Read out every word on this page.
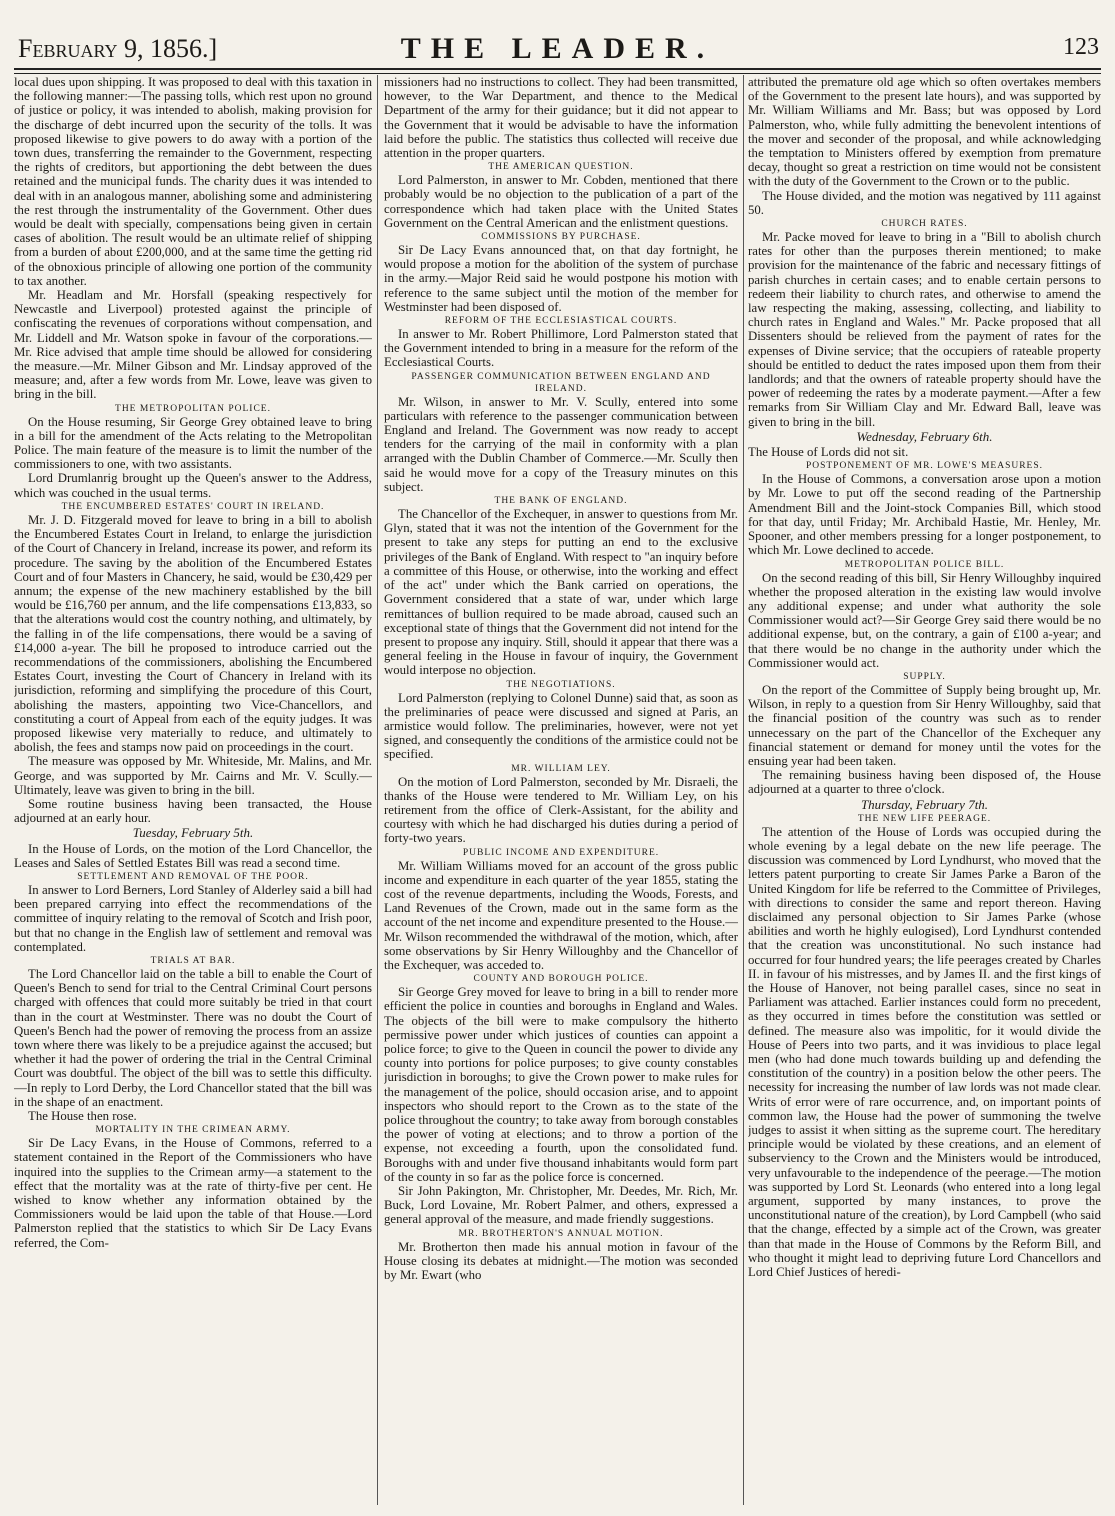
February 9, 1856.]	THE LEADER.	123

local dues upon shipping. It was proposed to deal with this taxation in the following manner:—The passing tolls, which rest upon no ground of justice or policy, it was intended to abolish, making provision for the discharge of debt incurred upon the security of the tolls. It was proposed likewise to give powers to do away with a portion of the town dues, transferring the remainder to the Government, respecting the rights of creditors, but apportioning the debt between the dues retained and the municipal funds. The charity dues it was intended to deal with in an analogous manner, abolishing some and administering the rest through the instrumentality of the Government. Other dues would be dealt with specially, compensations being given in certain cases of abolition. The result would be an ultimate relief of shipping from a burden of about £200,000, and at the same time the getting rid of the obnoxious principle of allowing one portion of the community to tax another.

Mr. Headlam and Mr. Horsfall (speaking respectively for Newcastle and Liverpool) protested against the principle of confiscating the revenues of corporations without compensation, and Mr. Liddell and Mr. Watson spoke in favour of the corporations.—Mr. Rice advised that ample time should be allowed for considering the measure.—Mr. Milner Gibson and Mr. Lindsay approved of the measure; and, after a few words from Mr. Lowe, leave was given to bring in the bill.

THE METROPOLITAN POLICE.

On the House resuming, Sir George Grey obtained leave to bring in a bill for the amendment of the Acts relating to the Metropolitan Police. The main feature of the measure is to limit the number of the commissioners to one, with two assistants.

Lord Drumlanrig brought up the Queen's answer to the Address, which was couched in the usual terms.

THE ENCUMBERED ESTATES' COURT IN IRELAND.

Mr. J. D. Fitzgerald moved for leave to bring in a bill to abolish the Encumbered Estates Court in Ireland, to enlarge the jurisdiction of the Court of Chancery in Ireland, increase its power, and reform its procedure. The saving by the abolition of the Encumbered Estates Court and of four Masters in Chancery, he said, would be £30,429 per annum; the expense of the new machinery established by the bill would be £16,760 per annum, and the life compensations £13,833, so that the alterations would cost the country nothing, and ultimately, by the falling in of the life compensations, there would be a saving of £14,000 a-year. The bill he proposed to introduce carried out the recommendations of the commissioners, abolishing the Encumbered Estates Court, investing the Court of Chancery in Ireland with its jurisdiction, reforming and simplifying the procedure of this Court, abolishing the masters, appointing two Vice-Chancellors, and constituting a court of Appeal from each of the equity judges. It was proposed likewise very materially to reduce, and ultimately to abolish, the fees and stamps now paid on proceedings in the court.

The measure was opposed by Mr. Whiteside, Mr. Malins, and Mr. George, and was supported by Mr. Cairns and Mr. V. Scully.—Ultimately, leave was given to bring in the bill.

Some routine business having been transacted, the House adjourned at an early hour.

Tuesday, February 5th.

In the House of Lords, on the motion of the Lord Chancellor, the Leases and Sales of Settled Estates Bill was read a second time.

SETTLEMENT AND REMOVAL OF THE POOR.

In answer to Lord Berners, Lord Stanley of Alderley said a bill had been prepared carrying into effect the recommendations of the committee of inquiry relating to the removal of Scotch and Irish poor, but that no change in the English law of settlement and removal was contemplated.

TRIALS AT BAR.

The Lord Chancellor laid on the table a bill to enable the Court of Queen's Bench to send for trial to the Central Criminal Court persons charged with offences that could more suitably be tried in that court than in the court at Westminster. There was no doubt the Court of Queen's Bench had the power of removing the process from an assize town where there was likely to be a prejudice against the accused; but whether it had the power of ordering the trial in the Central Criminal Court was doubtful. The object of the bill was to settle this difficulty.—In reply to Lord Derby, the Lord Chancellor stated that the bill was in the shape of an enactment.

The House then rose.

MORTALITY IN THE CRIMEAN ARMY.

Sir De Lacy Evans, in the House of Commons, referred to a statement contained in the Report of the Commissioners who have inquired into the supplies to the Crimean army—a statement to the effect that the mortality was at the rate of thirty-five per cent. He wished to know whether any information obtained by the Commissioners would be laid upon the table of that House.—Lord Palmerston replied that the statistics to which Sir De Lacy Evans referred, the Com-

missioners had no instructions to collect. They had been transmitted, however, to the War Department, and thence to the Medical Department of the army for their guidance; but it did not appear to the Government that it would be advisable to have the information laid before the public. The statistics thus collected will receive due attention in the proper quarters.

THE AMERICAN QUESTION.

Lord Palmerston, in answer to Mr. Cobden, mentioned that there probably would be no objection to the publication of a part of the correspondence which had taken place with the United States Government on the Central American and the enlistment questions.

COMMISSIONS BY PURCHASE.

Sir De Lacy Evans announced that, on that day fortnight, he would propose a motion for the abolition of the system of purchase in the army.—Major Reid said he would postpone his motion with reference to the same subject until the motion of the member for Westminster had been disposed of.

REFORM OF THE ECCLESIASTICAL COURTS.

In answer to Mr. Robert Phillimore, Lord Palmerston stated that the Government intended to bring in a measure for the reform of the Ecclesiastical Courts.

PASSENGER COMMUNICATION BETWEEN ENGLAND AND IRELAND.

Mr. Wilson, in answer to Mr. V. Scully, entered into some particulars with reference to the passenger communication between England and Ireland. The Government was now ready to accept tenders for the carrying of the mail in conformity with a plan arranged with the Dublin Chamber of Commerce.—Mr. Scully then said he would move for a copy of the Treasury minutes on this subject.

THE BANK OF ENGLAND.

The Chancellor of the Exchequer, in answer to questions from Mr. Glyn, stated that it was not the intention of the Government for the present to take any steps for putting an end to the exclusive privileges of the Bank of England. With respect to "an inquiry before a committee of this House, or otherwise, into the working and effect of the act" under which the Bank carried on operations, the Government considered that a state of war, under which large remittances of bullion required to be made abroad, caused such an exceptional state of things that the Government did not intend for the present to propose any inquiry. Still, should it appear that there was a general feeling in the House in favour of inquiry, the Government would interpose no objection.

THE NEGOTIATIONS.

Lord Palmerston (replying to Colonel Dunne) said that, as soon as the preliminaries of peace were discussed and signed at Paris, an armistice would follow. The preliminaries, however, were not yet signed, and consequently the conditions of the armistice could not be specified.

MR. WILLIAM LEY.

On the motion of Lord Palmerston, seconded by Mr. Disraeli, the thanks of the House were tendered to Mr. William Ley, on his retirement from the office of Clerk-Assistant, for the ability and courtesy with which he had discharged his duties during a period of forty-two years.

PUBLIC INCOME AND EXPENDITURE.

Mr. William Williams moved for an account of the gross public income and expenditure in each quarter of the year 1855, stating the cost of the revenue departments, including the Woods, Forests, and Land Revenues of the Crown, made out in the same form as the account of the net income and expenditure presented to the House.—Mr. Wilson recommended the withdrawal of the motion, which, after some observations by Sir Henry Willoughby and the Chancellor of the Exchequer, was acceded to.

COUNTY AND BOROUGH POLICE.

Sir George Grey moved for leave to bring in a bill to render more efficient the police in counties and boroughs in England and Wales. The objects of the bill were to make compulsory the hitherto permissive power under which justices of counties can appoint a police force; to give to the Queen in council the power to divide any county into portions for police purposes; to give county constables jurisdiction in boroughs; to give the Crown power to make rules for the management of the police, should occasion arise, and to appoint inspectors who should report to the Crown as to the state of the police throughout the country; to take away from borough constables the power of voting at elections; and to throw a portion of the expense, not exceeding a fourth, upon the consolidated fund. Boroughs with and under five thousand inhabitants would form part of the county in so far as the police force is concerned.

Sir John Pakington, Mr. Christopher, Mr. Deedes, Mr. Rich, Mr. Buck, Lord Lovaine, Mr. Robert Palmer, and others, expressed a general approval of the measure, and made friendly suggestions.

MR. BROTHERTON'S ANNUAL MOTION.

Mr. Brotherton then made his annual motion in favour of the House closing its debates at midnight.—The motion was seconded by Mr. Ewart (who

attributed the premature old age which so often overtakes members of the Government to the present late hours), and was supported by Mr. William Williams and Mr. Bass; but was opposed by Lord Palmerston, who, while fully admitting the benevolent intentions of the mover and seconder of the proposal, and while acknowledging the temptation to Ministers offered by exemption from premature decay, thought so great a restriction on time would not be consistent with the duty of the Government to the Crown or to the public.

The House divided, and the motion was negatived by 111 against 50.

CHURCH RATES.

Mr. Packe moved for leave to bring in a "Bill to abolish church rates for other than the purposes therein mentioned; to make provision for the maintenance of the fabric and necessary fittings of parish churches in certain cases; and to enable certain persons to redeem their liability to church rates, and otherwise to amend the law respecting the making, assessing, collecting, and liability to church rates in England and Wales." Mr. Packe proposed that all Dissenters should be relieved from the payment of rates for the expenses of Divine service; that the occupiers of rateable property should be entitled to deduct the rates imposed upon them from their landlords; and that the owners of rateable property should have the power of redeeming the rates by a moderate payment.—After a few remarks from Sir William Clay and Mr. Edward Ball, leave was given to bring in the bill.

Wednesday, February 6th.

The House of Lords did not sit.

POSTPONEMENT OF MR. LOWE'S MEASURES.

In the House of Commons, a conversation arose upon a motion by Mr. Lowe to put off the second reading of the Partnership Amendment Bill and the Joint-stock Companies Bill, which stood for that day, until Friday; Mr. Archibald Hastie, Mr. Henley, Mr. Spooner, and other members pressing for a longer postponement, to which Mr. Lowe declined to accede.

METROPOLITAN POLICE BILL.

On the second reading of this bill, Sir Henry Willoughby inquired whether the proposed alteration in the existing law would involve any additional expense; and under what authority the sole Commissioner would act?—Sir George Grey said there would be no additional expense, but, on the contrary, a gain of £100 a-year; and that there would be no change in the authority under which the Commissioner would act.

SUPPLY.

On the report of the Committee of Supply being brought up, Mr. Wilson, in reply to a question from Sir Henry Willoughby, said that the financial position of the country was such as to render unnecessary on the part of the Chancellor of the Exchequer any financial statement or demand for money until the votes for the ensuing year had been taken.

The remaining business having been disposed of, the House adjourned at a quarter to three o'clock.

Thursday, February 7th.
THE NEW LIFE PEERAGE.

The attention of the House of Lords was occupied during the whole evening by a legal debate on the new life peerage. The discussion was commenced by Lord Lyndhurst, who moved that the letters patent purporting to create Sir James Parke a Baron of the United Kingdom for life be referred to the Committee of Privileges, with directions to consider the same and report thereon. Having disclaimed any personal objection to Sir James Parke (whose abilities and worth he highly eulogised), Lord Lyndhurst contended that the creation was unconstitutional. No such instance had occurred for four hundred years; the life peerages created by Charles II. in favour of his mistresses, and by James II. and the first kings of the House of Hanover, not being parallel cases, since no seat in Parliament was attached. Earlier instances could form no precedent, as they occurred in times before the constitution was settled or defined. The measure also was impolitic, for it would divide the House of Peers into two parts, and it was invidious to place legal men (who had done much towards building up and defending the constitution of the country) in a position below the other peers. The necessity for increasing the number of law lords was not made clear. Writs of error were of rare occurrence, and, on important points of common law, the House had the power of summoning the twelve judges to assist it when sitting as the supreme court. The hereditary principle would be violated by these creations, and an element of subserviency to the Crown and the Ministers would be introduced, very unfavourable to the independence of the peerage.—The motion was supported by Lord St. Leonards (who entered into a long legal argument, supported by many instances, to prove the unconstitutional nature of the creation), by Lord Campbell (who said that the change, effected by a simple act of the Crown, was greater than that made in the House of Commons by the Reform Bill, and who thought it might lead to depriving future Lord Chancellors and Lord Chief Justices of heredi-
